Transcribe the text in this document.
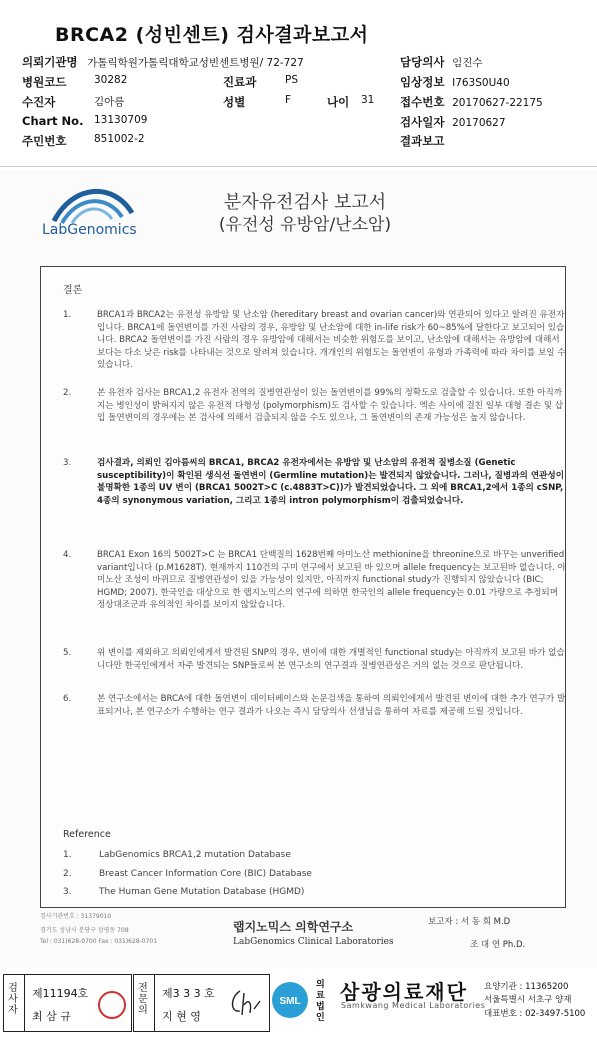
BRCA2 (성빈센트) 검사결과보고서
의뢰기관명 가톨릭학원가톨릭대학교성빈센트병원/ 72-727
병원코드	30282
수진자	김아름
Chart No. 13130709
주민번호	851002-2
진료과	PS
성별	F	나이 31
담당의사 임진수
임상정보 I763S0U40
접수번호 20170627-22175
검사일자 20170627
결과보고
LabGenomics
분자유전검사 보고서
(유전성 유방암/난소암)
결론
1.	BRCA1과 BRCA2는 유전성 유방암 및 난소암 (hereditary breast and ovarian cancer)와 연관되어 있다고 알려진 유전자입니다. BRCA1에 돌연변이를 가진 사람의 경우, 유방암 및 난소암에 대한 in-life risk가 60~85%에 달한다고 보고되어 있습니다. BRCA2 돌연변이를 가진 사람의 경우 유방암에 대해서는 비슷한 위험도를 보이고, 난소암에 대해서는 유방암에 대해서보다는 다소 낮은 risk를 나타내는 것으로 알려져 있습니다. 개개인의 위험도는 돌연변이 유형과 가족력에 따라 차이를 보일 수 있습니다.
2.	본 유전자 검사는 BRCA1,2 유전자 전역의 질병연관성이 있는 돌연변이를 99%의 정확도로 검출할 수 있습니다. 또한 아직까지는 병인성이 밝혀지지 않은 유전적 다형성 (polymorphism)도 검사할 수 있습니다. 엑손 사이에 걸친 일부 대형 결손 및 삽입 돌연변이의 경우에는 본 검사에 의해서 검출되지 않을 수도 있으나, 그 돌연변이의 존재 가능성은 높지 않습니다.
3.	검사결과, 의뢰인 김아름씨의 BRCA1, BRCA2 유전자에서는 유방암 및 난소암의 유전적 질병소질 (Genetic susceptibility)이 확인된 생식선 돌연변이 (Germline mutation)는 발견되지 않았습니다. 그러나, 질병과의 연관성이 불명확한 1종의 UV 변이 (BRCA1 5002T>C (c.4883T>C))가 발견되었습니다. 그 외에 BRCA1,2에서 1종의 cSNP, 4종의 synonymous variation, 그리고 1종의 intron polymorphism이 검출되었습니다.
4.	BRCA1 Exon 16의 5002T>C 는 BRCA1 단백질의 1628번째 아미노산 methionine을 threonine으로 바꾸는 unverified variant입니다 (p.M1628T). 현재까지 110건의 구미 연구에서 보고된 바 있으며 allele frequency는 보고된바 없습니다. 아미노산 조성이 바뀌므로 질병연관성이 있을 가능성이 있지만, 아직까지 functional study가 진행되지 않았습니다 (BIC; HGMD; 2007). 한국인을 대상으로 한 랩지노믹스의 연구에 의하면 한국인의 allele frequency는 0.01 가량으로 추정되며 정상대조군과 유의적인 차이를 보이지 않았습니다.
5.	위 변이를 제외하고 의뢰인에게서 발견된 SNP의 경우, 변이에 대한 개별적인 functional study는 아직까지 보고된 바가 없습니다만 한국인에게서 자주 발견되는 SNP들로써 본 연구소의 연구결과 질병연관성은 거의 없는 것으로 판단됩니다.
6.	본 연구소에서는 BRCA에 대한 돌연변이 데이터베이스와 논문검색을 통하여 의뢰인에게서 발견된 변이에 대한 추가 연구가 발표되거나, 본 연구소가 수행하는 연구 결과가 나오는 즉시 담당의사 선생님을 통하여 자료를 제공해 드릴 것입니다.
Reference
1.	LabGenomics BRCA1,2 mutation Database
2.	Breast Cancer Information Core (BIC) Database
3.	The Human Gene Mutation Database (HGMD)
검사기관번호 : 31379010
경기도 성남시 분당구 삼평동 708
Tel : 031)628-0700 Fax : 031)628-0701
랩지노믹스 의학연구소
LabGenomics Clinical Laboratories
보고자 : 서 동 희 M.D
조 대 연 Ph.D.
검사자
제11194호
최 삼 규
전문의
제3 3 3 호
지 현 영
SML
의료법인
삼광의료재단
Samkwang Medical Laboratories
요양기관 : 11365200
서울특별시 서초구 양재
대표번호 : 02-3497-5100
